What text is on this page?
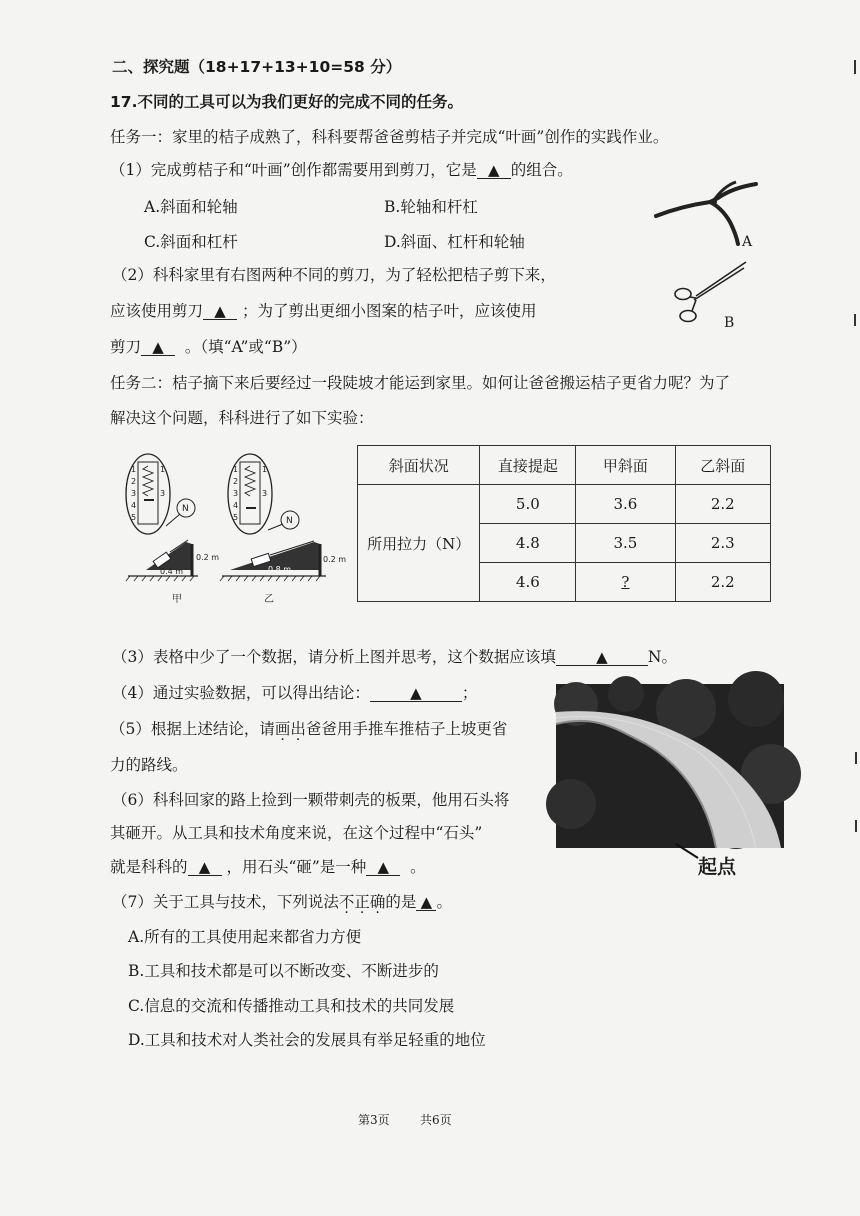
二、探究题（18+17+13+10=58 分）
17.不同的工具可以为我们更好的完成不同的任务。
任务一：家里的桔子成熟了，科科要帮爸爸剪桔子并完成“叶画”创作的实践作业。
（1）完成剪桔子和“叶画”创作都需要用到剪刀，它是 ▲ 的组合。
A.斜面和轮轴	B.轮轴和杆杠
C.斜面和杠杆	D.斜面、杠杆和轮轴	A
B
（2）科科家里有右图两种不同的剪刀，为了轻松把桔子剪下来，
应该使用剪刀 ▲ ；为了剪出更细小图案的桔子叶，应该使用
剪刀 ▲ 。（填“A”或“B”）
任务二：桔子摘下来后要经过一段陡坡才能运到家里。如何让爸爸搬运桔子更省力呢？为了
解决这个问题，科科进行了如下实验：
1
2
3
4
5
1
3
N
0.2 m
0.4 m
甲
1
2
3
4
5
1
3
N
0.2 m
0.8 m
乙
斜面状况	直接提起	甲斜面	乙斜面
所用拉力（N）	5.0	3.6	2.2
	4.8	3.5	2.3
	4.6	?	2.2
（3）表格中少了一个数据，请分析上图并思考，这个数据应该填	▲	N。
（4）通过实验数据，可以得出结论：	▲	；
（5）根据上述结论，请画出爸爸用手推车推桔子上坡更省
力的路线。
起点
（6）科科回家的路上捡到一颗带刺壳的板栗，他用石头将
其砸开。从工具和技术角度来说，在这个过程中“石头”
就是科科的 ▲ ，用石头“砸”是一种 ▲ 。
（7）关于工具与技术，下列说法不正确的是 ▲ 。
A.所有的工具使用起来都省力方便
B.工具和技术都是可以不断改变、不断进步的
C.信息的交流和传播推动工具和技术的共同发展
D.工具和技术对人类社会的发展具有举足轻重的地位
第3页	共6页
